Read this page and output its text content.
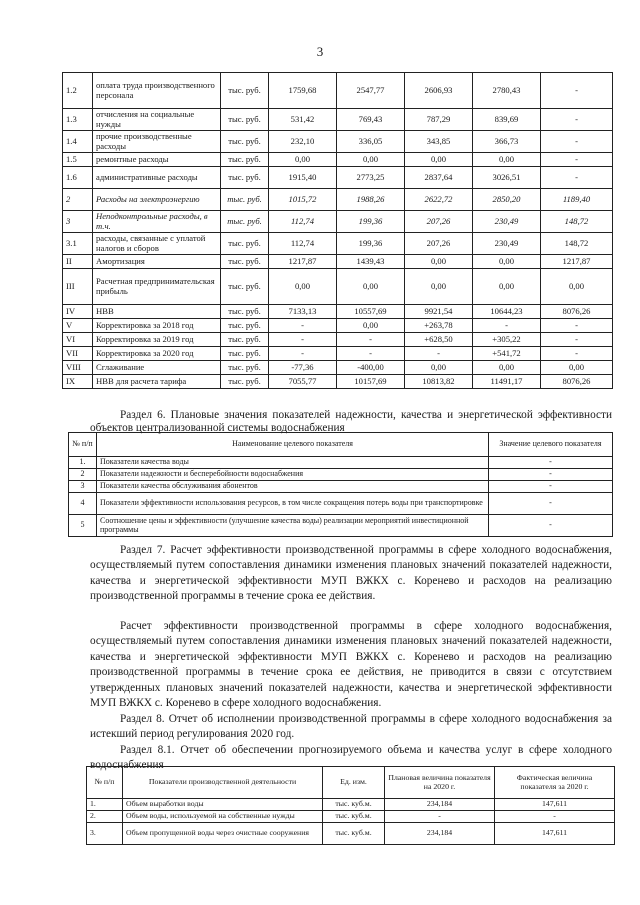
3
1.2	оплата труда производственного персонала	тыс. руб.	1759,68	2547,77	2606,93	2780,43	-
1.3	отчисления на социальные нужды	тыс. руб.	531,42	769,43	787,29	839,69	-
1.4	прочие производственные расходы	тыс. руб.	232,10	336,05	343,85	366,73	-
1.5	ремонтные расходы	тыс. руб.	0,00	0,00	0,00	0,00	-
1.6	административные расходы	тыс. руб.	1915,40	2773,25	2837,64	3026,51	-
2	Расходы на электроэнергию	тыс. руб.	1015,72	1988,26	2622,72	2850,20	1189,40
3	Неподконтрольные расходы, в т.ч.	тыс. руб.	112,74	199,36	207,26	230,49	148,72
3.1	расходы, связанные с уплатой налогов и сборов	тыс. руб.	112,74	199,36	207,26	230,49	148,72
II	Амортизация	тыс. руб.	1217,87	1439,43	0,00	0,00	1217,87
III	Расчетная предпринимательская прибыль	тыс. руб.	0,00	0,00	0,00	0,00	0,00
IV	НВВ	тыс. руб.	7133,13	10557,69	9921,54	10644,23	8076,26
V	Корректировка за 2018 год	тыс. руб.	-	0,00	+263,78	-	-
VI	Корректировка за 2019 год	тыс. руб.	-	-	+628,50	+305,22	-
VII	Корректировка за 2020 год	тыс. руб.	-	-	-	+541,72	-
VIII	Сглаживание	тыс. руб.	-77,36	-400,00	0,00	0,00	0,00
IX	НВВ для расчета тарифа	тыс. руб.	7055,77	10157,69	10813,82	11491,17	8076,26
Раздел 6. Плановые значения показателей надежности, качества и энергетической эффективности объектов централизованной системы водоснабжения
№ п/п	Наименование целевого показателя	Значение целевого показателя
1.	Показатели качества воды	-
2	Показатели надежности и бесперебойности водоснабжения	-
3	Показатели качества обслуживания абонентов	-
4	Показатели эффективности использования ресурсов, в том числе сокращения потерь воды при транспортировке	-
5	Соотношение цены и эффективности (улучшение качества воды) реализации мероприятий инвестиционной программы	-
Раздел 7. Расчет эффективности производственной программы в сфере холодного водоснабжения, осуществляемый путем сопоставления динамики изменения плановых значений показателей надежности, качества и энергетической эффективности МУП ВЖКХ с. Коренево и расходов на реализацию производственной программы в течение срока ее действия.
Расчет эффективности производственной программы в сфере холодного водоснабжения, осуществляемый путем сопоставления динамики изменения плановых значений показателей надежности, качества и энергетической эффективности МУП ВЖКХ с. Коренево и расходов на реализацию производственной программы в течение срока ее действия, не приводится в связи с отсутствием утвержденных плановых значений показателей надежности, качества и энергетической эффективности МУП ВЖКХ с. Коренево в сфере холодного водоснабжения.
Раздел 8. Отчет об исполнении производственной программы в сфере холодного водоснабжения за истекший период регулирования 2020 год.
Раздел 8.1. Отчет об обеспечении прогнозируемого объема и качества услуг в сфере холодного водоснабжения
№ п/п	Показатели производственной деятельности	Ед. изм.	Плановая величина показателя на 2020 г.	Фактическая величина показателя за 2020 г.
1.	Объем выработки воды	тыс. куб.м.	234,184	147,611
2.	Объем воды, используемой на собственные нужды	тыс. куб.м.	-	-
3.	Объем пропущенной воды через очистные сооружения	тыс. куб.м.	234,184	147,611
